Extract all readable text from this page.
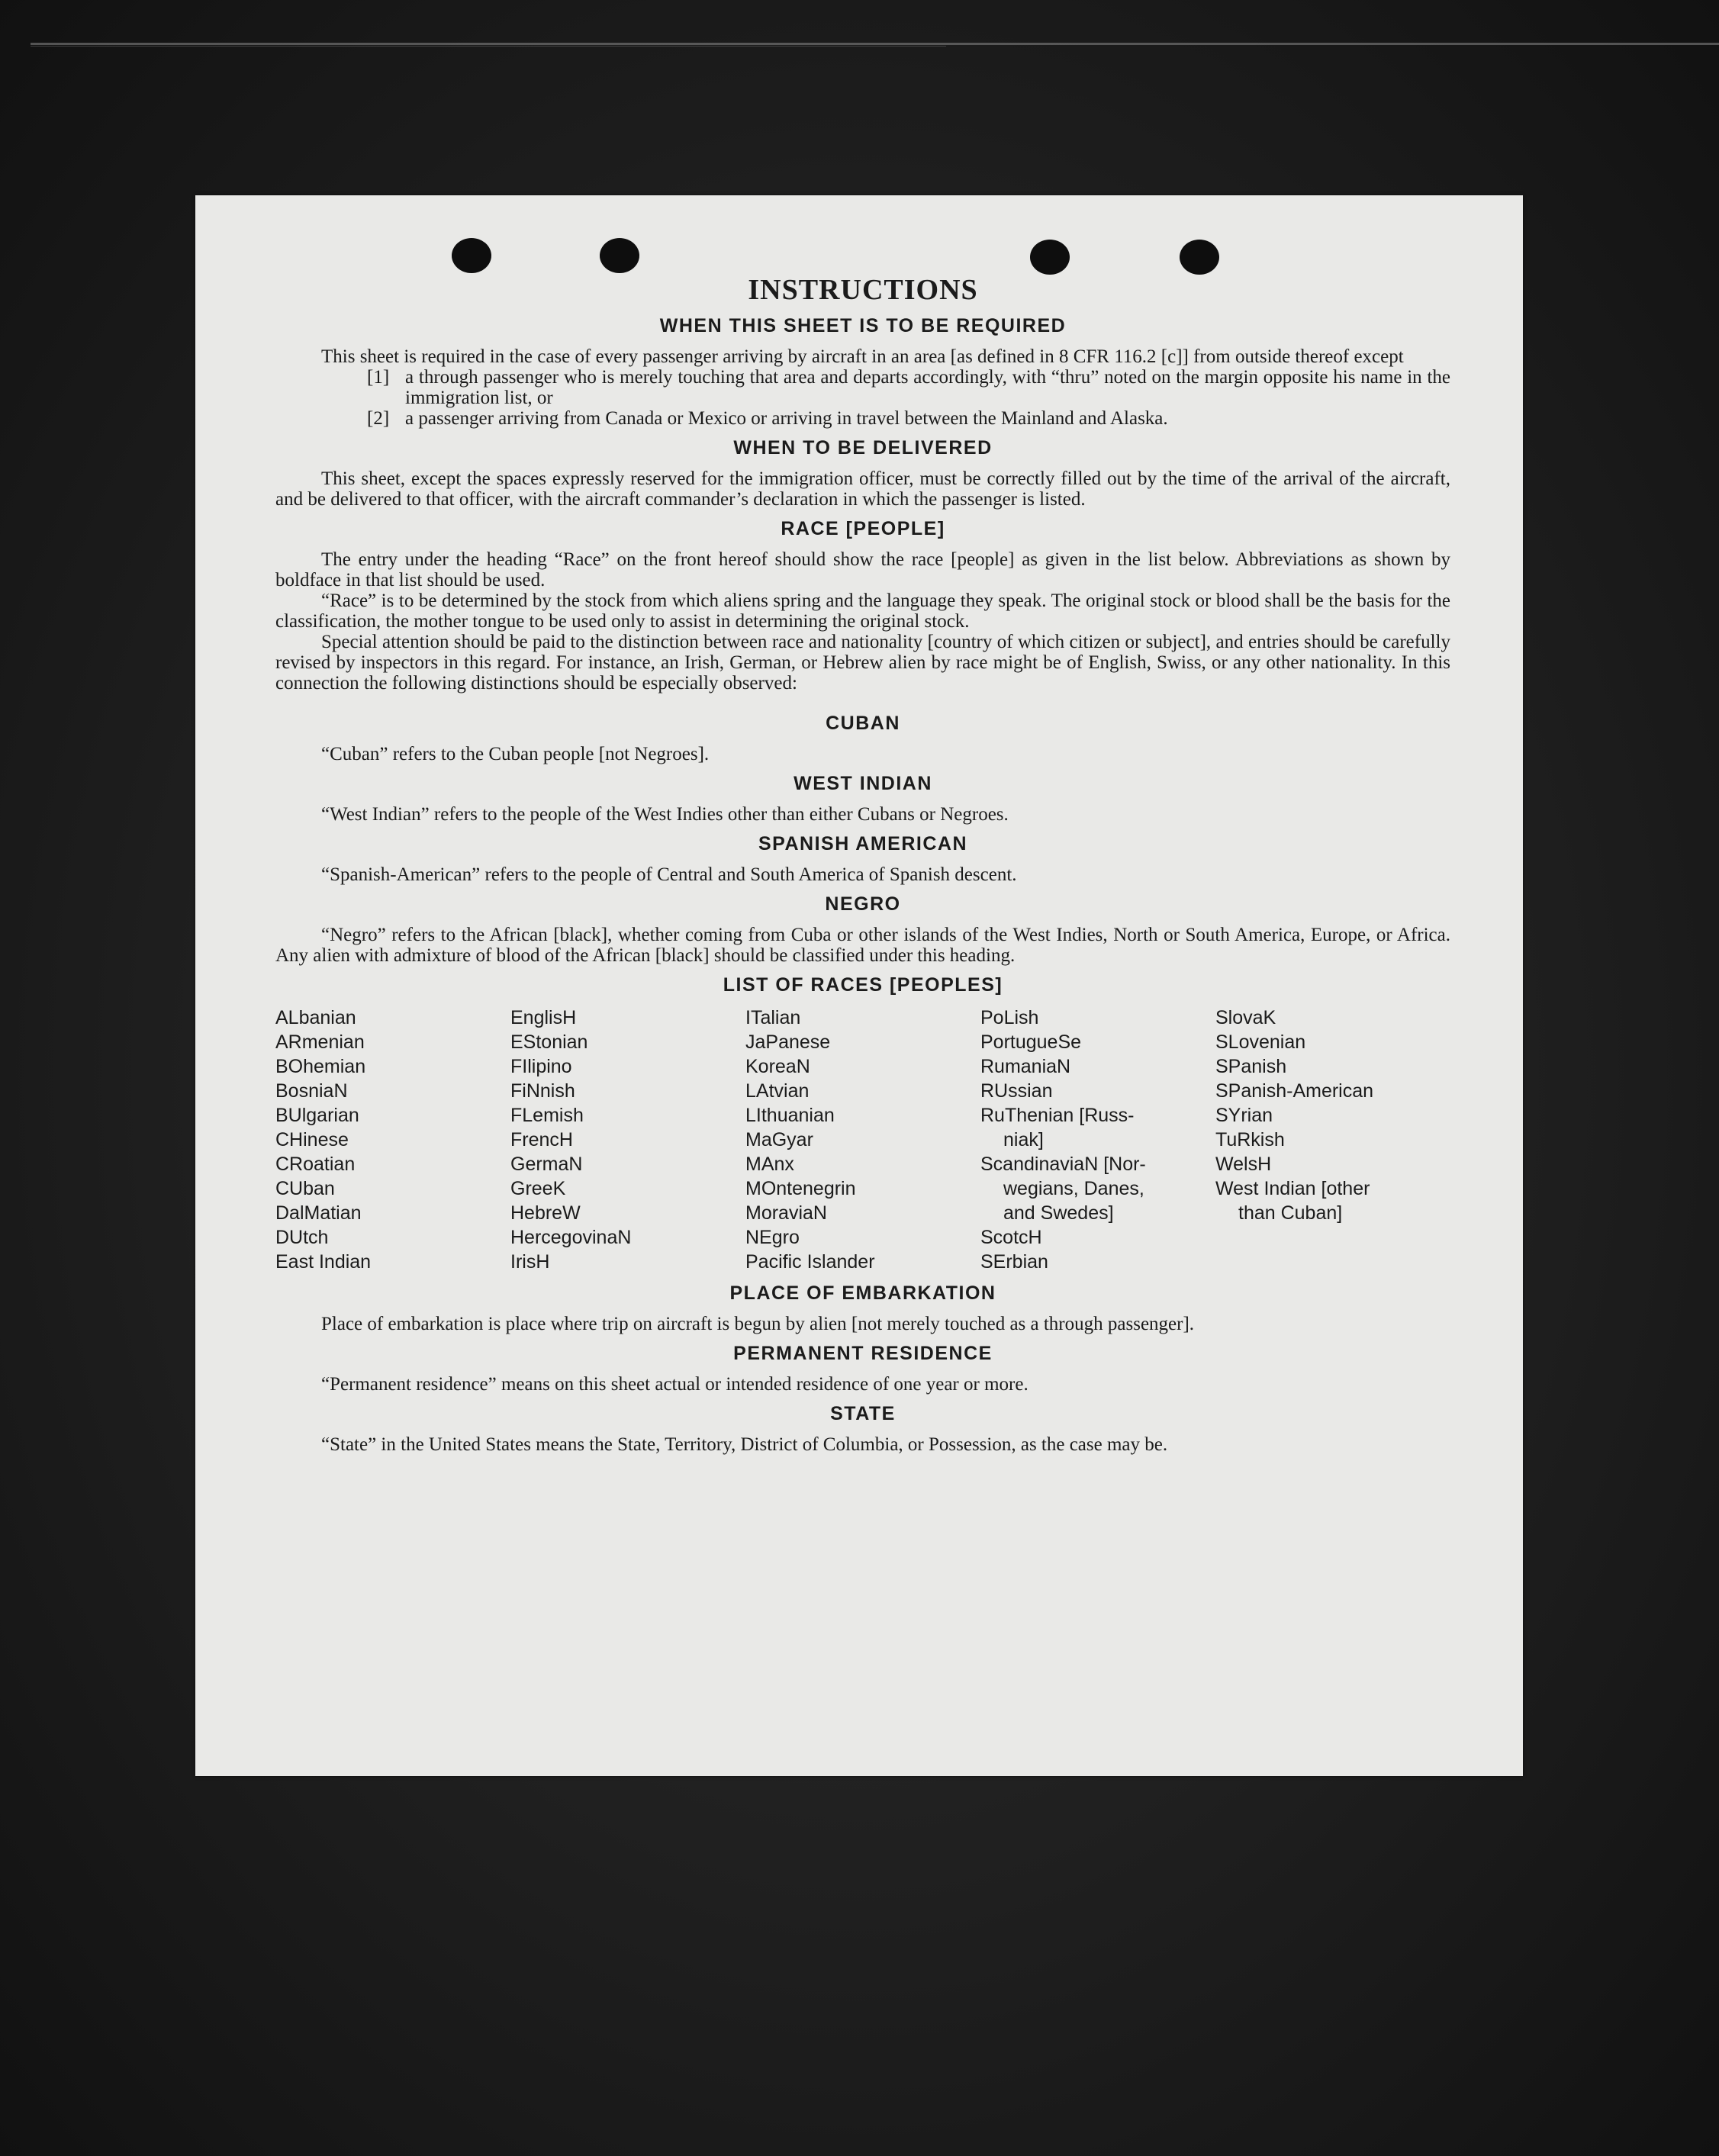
INSTRUCTIONS
WHEN THIS SHEET IS TO BE REQUIRED

This sheet is required in the case of every passenger arriving by aircraft in an area [as defined in 8 CFR 116.2 [c]] from outside thereof except

[1] a through passenger who is merely touching that area and departs accordingly, with “thru” noted on the margin opposite his name in the immigration list, or
[2] a passenger arriving from Canada or Mexico or arriving in travel between the Mainland and Alaska.
WHEN TO BE DELIVERED

This sheet, except the spaces expressly reserved for the immigration officer, must be correctly filled out by the time of the arrival of the aircraft, and be delivered to that officer, with the aircraft commander’s declaration in which the passenger is listed.

RACE [PEOPLE]

The entry under the heading “Race” on the front hereof should show the race [people] as given in the list below. Abbreviations as shown by boldface in that list should be used.

“Race” is to be determined by the stock from which aliens spring and the language they speak. The original stock or blood shall be the basis for the classification, the mother tongue to be used only to assist in determining the original stock.

Special attention should be paid to the distinction between race and nationality [country of which citizen or subject], and entries should be carefully revised by inspectors in this regard. For instance, an Irish, German, or Hebrew alien by race might be of English, Swiss, or any other nationality. In this connection the following distinctions should be especially observed:

CUBAN

“Cuban” refers to the Cuban people [not Negroes].

WEST INDIAN

“West Indian” refers to the people of the West Indies other than either Cubans or Negroes.

SPANISH AMERICAN

“Spanish-American” refers to the people of Central and South America of Spanish descent.

NEGRO

“Negro” refers to the African [black], whether coming from Cuba or other islands of the West Indies, North or South America, Europe, or Africa. Any alien with admixture of blood of the African [black] should be classified under this heading.

LIST OF RACES [PEOPLES]
ALbanian
ARmenian
BOhemian
BosniaN
BUlgarian
CHinese
CRoatian
CUban
DalMatian
DUtch
East Indian
EnglisH
EStonian
FIlipino
FiNnish
FLemish
FrencH
GermaN
GreeK
HebreW
HercegovinaN
IrisH
ITalian
JaPanese
KoreaN
LAtvian
LIthuanian
MaGyar
MAnx
MOntenegrin
MoraviaN
NEgro
Pacific Islander
PoLish
PortugueSe
RumaniaN
RUssian
RuThenian [Russ-
niak]
ScandinaviaN [Nor-
wegians, Danes,
and Swedes]
ScotcH
SErbian
SlovaK
SLovenian
SPanish
SPanish-American
SYrian
TuRkish
WelsH
West Indian [other
than Cuban]
PLACE OF EMBARKATION

Place of embarkation is place where trip on aircraft is begun by alien [not merely touched as a through passenger].

PERMANENT RESIDENCE

“Permanent residence” means on this sheet actual or intended residence of one year or more.

STATE

“State” in the United States means the State, Territory, District of Columbia, or Possession, as the case may be.
